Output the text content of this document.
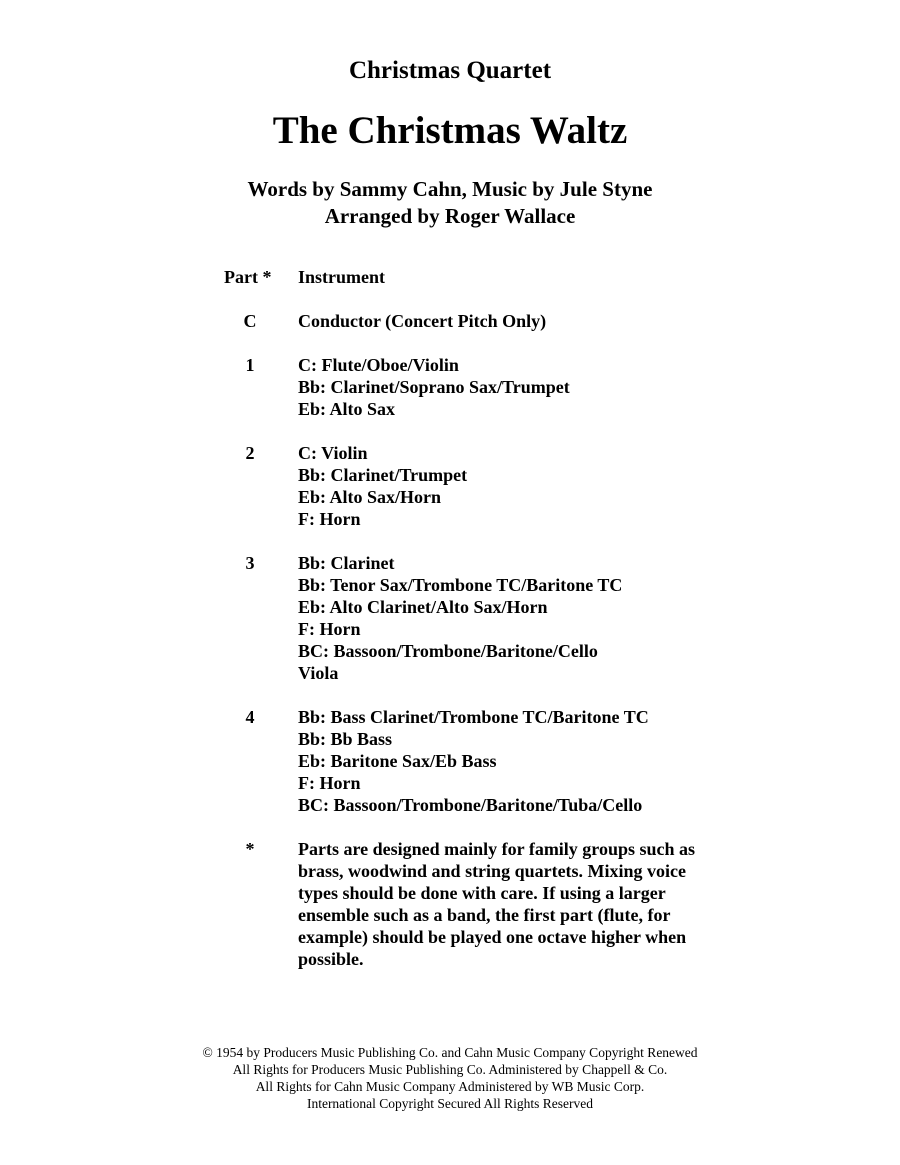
Christmas Quartet
The Christmas Waltz
Words by Sammy Cahn, Music by Jule Styne
Arranged by Roger Wallace
Part *	Instrument
C	Conductor (Concert Pitch Only)
1	C: Flute/Oboe/Violin
Bb: Clarinet/Soprano Sax/Trumpet
Eb: Alto Sax
2	C: Violin
Bb: Clarinet/Trumpet
Eb: Alto Sax/Horn
F: Horn
3	Bb: Clarinet
Bb: Tenor Sax/Trombone TC/Baritone TC
Eb: Alto Clarinet/Alto Sax/Horn
F: Horn
BC: Bassoon/Trombone/Baritone/Cello
Viola
4	Bb: Bass Clarinet/Trombone TC/Baritone TC
Bb: Bb Bass
Eb: Baritone Sax/Eb Bass
F: Horn
BC: Bassoon/Trombone/Baritone/Tuba/Cello
*	Parts are designed mainly for family groups such as brass, woodwind and string quartets. Mixing voice types should be done with care. If using a larger ensemble such as a band, the first part (flute, for example) should be played one octave higher when possible.
© 1954 by Producers Music Publishing Co. and Cahn Music Company Copyright Renewed
All Rights for Producers Music Publishing Co. Administered by Chappell & Co.
All Rights for Cahn Music Company Administered by WB Music Corp.
International Copyright Secured All Rights Reserved
